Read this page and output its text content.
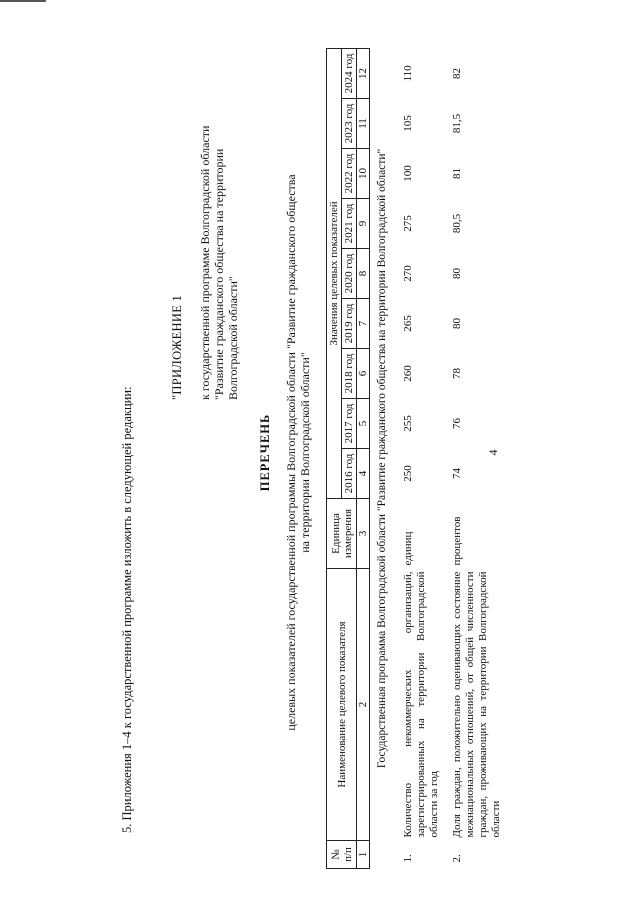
4
5. Приложения 1–4 к государственной программе изложить в следующей редакции:
"ПРИЛОЖЕНИЕ 1 к государственной программе Волгоградской области "Развитие гражданского общества на территории Волгоградской области"
ПЕРЕЧЕНЬ целевых показателей государственной программы Волгоградской области "Развитие гражданского общества на территории Волгоградской области"
№ п/п	Наименование целевого показателя	Единица измерения	Значения целевых показателей								
			2016 год	2017 год	2018 год	2019 год	2020 год	2021 год	2022 год	2023 год	2024 год
1	2	3	4	5	6	7	8	9	10	11	12
Государственная программа Волгоградской области "Развитие гражданского общества на территории Волгоградской области"											
1.	Количество некоммерческих организаций, зарегистрированных на территории Волгоградской области за год	единиц	250	255	260	265	270	275	100	105	110
2.	Доля граждан, положительно оценивающих состояние межнациональных отношений, от общей численности граждан, проживающих на территории Волгоградской области	процентов	74	76	78	80	80	80,5	81	81,5	82
